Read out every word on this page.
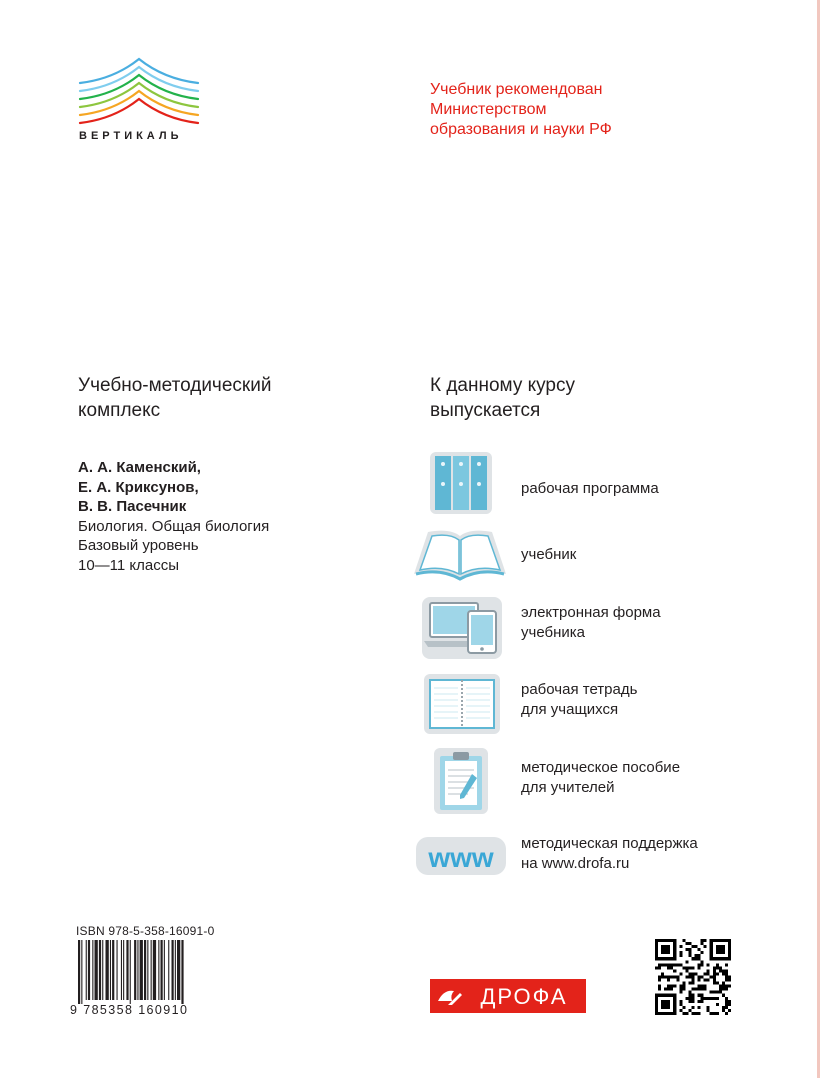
ВЕРТИКАЛЬ
Учебник рекомендован
Министерством
образования и науки РФ
Учебно-методический
комплекс
А. А. Каменский,
Е. А. Криксунов,
В. В. Пасечник
Биология. Общая биология
Базовый уровень
10—11 классы
К данному курсу
выпускается
рабочая программа
учебник
электронная форма
учебника
рабочая тетрадь
для учащихся
методическое пособие
для учителей
www методическая поддержка
на www.drofa.ru
ISBN 978-5-358-16091-0
9 785358 160910
ДРОФА
